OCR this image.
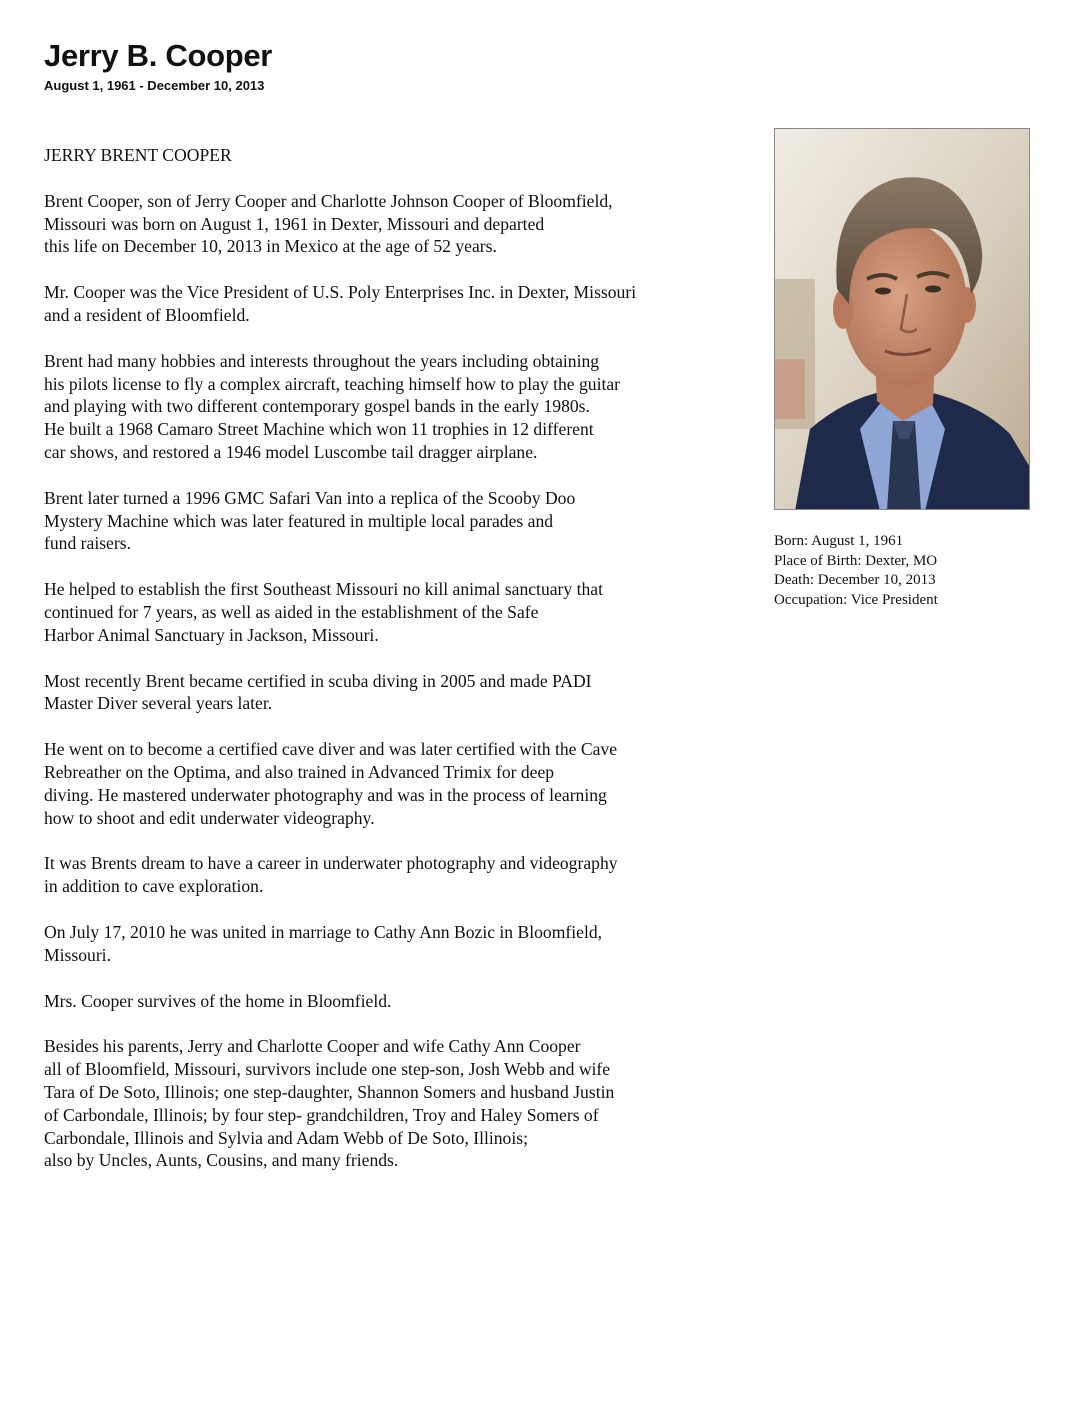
Jerry B. Cooper
August 1, 1961 - December 10, 2013

JERRY BRENT COOPER

Brent Cooper, son of Jerry Cooper and Charlotte Johnson Cooper of Bloomfield,
Missouri was born on August 1, 1961 in Dexter, Missouri and departed
this life on December 10, 2013 in Mexico at the age of 52 years.

Mr. Cooper was the Vice President of U.S. Poly Enterprises Inc. in Dexter, Missouri
and a resident of Bloomfield.

Brent had many hobbies and interests throughout the years including obtaining
his pilots license to fly a complex aircraft, teaching himself how to play the guitar
and playing with two different contemporary gospel bands in the early 1980s.
He built a 1968 Camaro Street Machine which won 11 trophies in 12 different
car shows, and restored a 1946 model Luscombe tail dragger airplane.

Brent later turned a 1996 GMC Safari Van into a replica of the Scooby Doo
Mystery Machine which was later featured in multiple local parades and
fund raisers.

He helped to establish the first Southeast Missouri no kill animal sanctuary that
continued for 7 years, as well as aided in the establishment of the Safe
Harbor Animal Sanctuary in Jackson, Missouri.

Most recently Brent became certified in scuba diving in 2005 and made PADI
Master Diver several years later.

He went on to become a certified cave diver and was later certified with the Cave
Rebreather on the Optima, and also trained in Advanced Trimix for deep
diving. He mastered underwater photography and was in the process of learning
how to shoot and edit underwater videography.

It was Brents dream to have a career in underwater photography and videography
in addition to cave exploration.

On July 17, 2010 he was united in marriage to Cathy Ann Bozic in Bloomfield,
Missouri.

Mrs. Cooper survives of the home in Bloomfield.

Besides his parents, Jerry and Charlotte Cooper and wife Cathy Ann Cooper
all of Bloomfield, Missouri, survivors include one step-son, Josh Webb and wife
Tara of De Soto, Illinois; one step-daughter, Shannon Somers and husband Justin
of Carbondale, Illinois; by four step- grandchildren, Troy and Haley Somers of
Carbondale, Illinois and Sylvia and Adam Webb of De Soto, Illinois;
also by Uncles, Aunts, Cousins, and many friends.

Born: August 1, 1961
Place of Birth: Dexter, MO
Death: December 10, 2013
Occupation: Vice President
